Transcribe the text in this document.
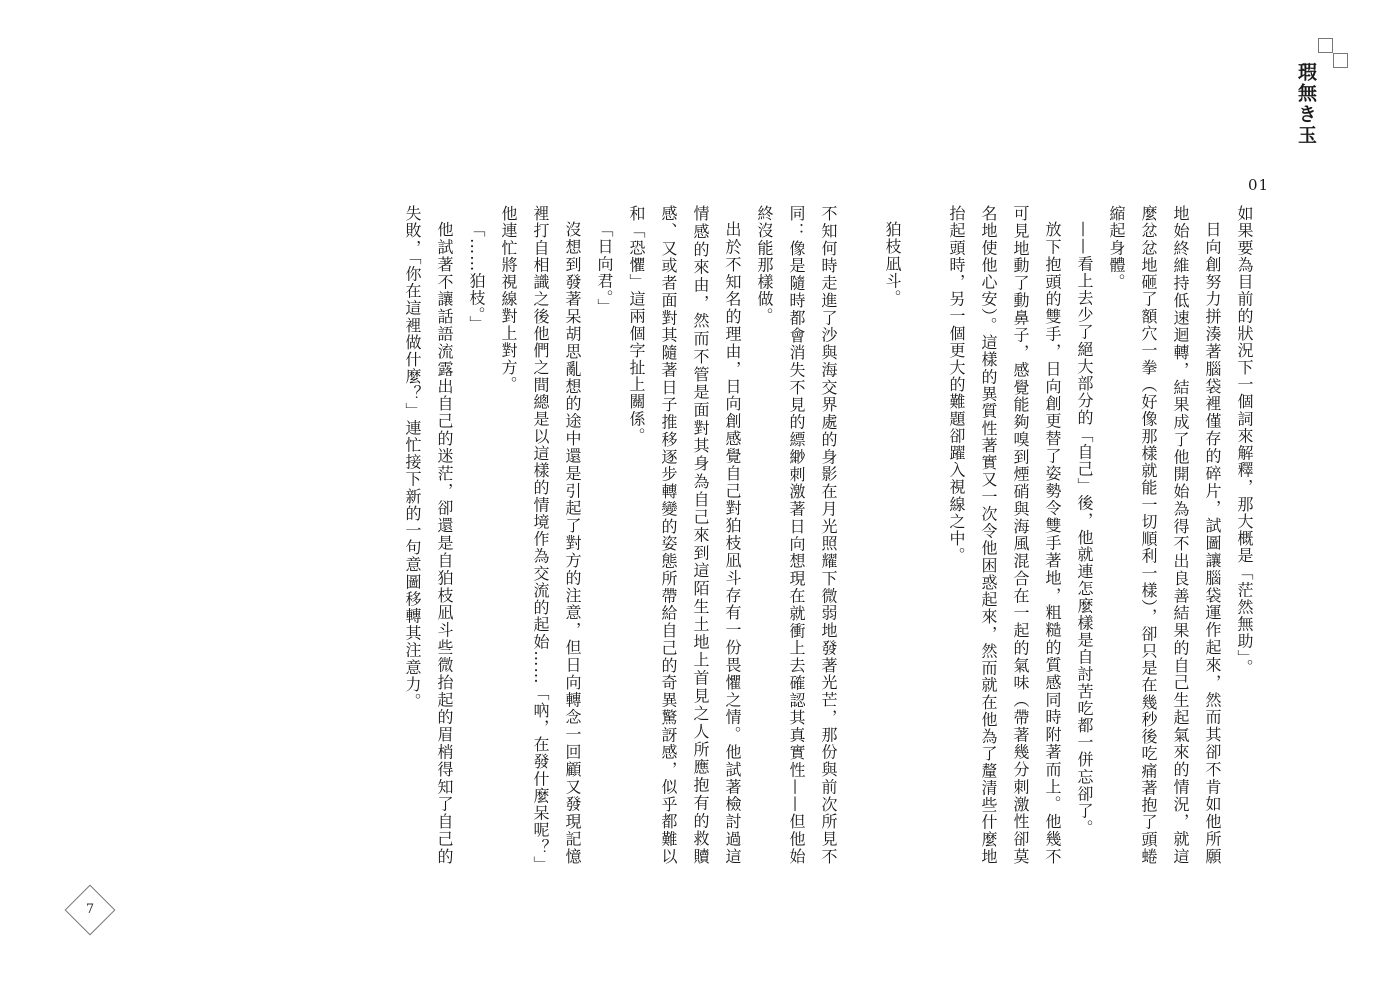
瑕無き玉
01

如果要為目前的狀況下一個詞來解釋，那大概是「茫然無助」。

日向創努力拼湊著腦袋裡僅存的碎片，試圖讓腦袋運作起來，然而其卻不肯如他所願地始終維持低速迴轉，結果成了他開始為得不出良善結果的自己生起氣來的情況，就這麼忿忿地砸了額穴一拳（好像那樣就能一切順利一樣），卻只是在幾秒後吃痛著抱了頭蜷縮起身體。

——看上去少了絕大部分的「自己」後，他就連怎麼樣是自討苦吃都一併忘卻了。

放下抱頭的雙手，日向創更替了姿勢令雙手著地，粗糙的質感同時附著而上。他幾不可見地動了動鼻子，感覺能夠嗅到煙硝與海風混合在一起的氣味（帶著幾分刺激性卻莫名地使他心安）。這樣的異質性著實又一次令他困惑起來，然而就在他為了釐清些什麼地抬起頭時，另一個更大的難題卻躍入視線之中。

狛枝凪斗。

不知何時走進了沙與海交界處的身影在月光照耀下微弱地發著光芒，那份與前次所見不同：像是隨時都會消失不見的縹緲刺激著日向想現在就衝上去確認其真實性——但他始終沒能那樣做。

出於不知名的理由，日向創感覺自己對狛枝凪斗存有一份畏懼之情。他試著檢討過這情感的來由，然而不管是面對其身為自己來到這陌生土地上首見之人所應抱有的救贖感、又或者面對其隨著日子推移逐步轉變的姿態所帶給自己的奇異驚訝感，似乎都難以和「恐懼」這兩個字扯上關係。

「日向君。」

沒想到發著呆胡思亂想的途中還是引起了對方的注意，但日向轉念一回顧又發現記憶裡打自相識之後他們之間總是以這樣的情境作為交流的起始……「吶，在發什麼呆呢？」他連忙將視線對上對方。

「……狛枝。」

他試著不讓話語流露出自己的迷茫，卻還是自狛枝凪斗些微抬起的眉梢得知了自己的失敗，「你在這裡做什麼？」連忙接下新的一句意圖移轉其注意力。

7
